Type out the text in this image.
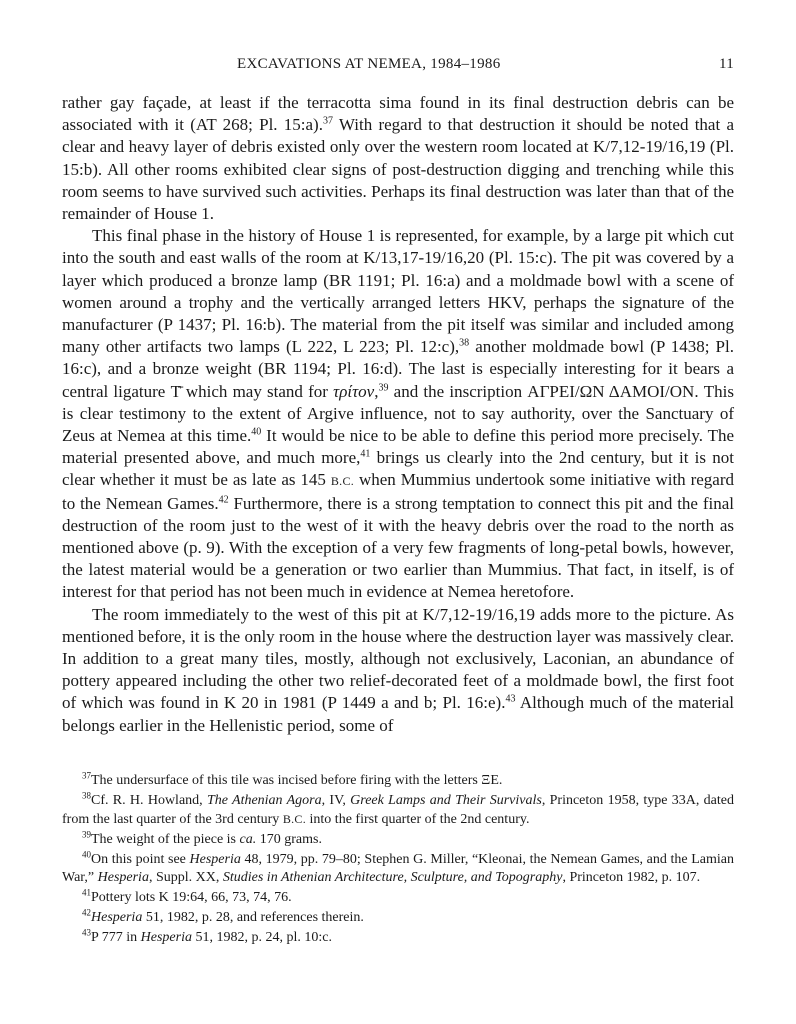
EXCAVATIONS AT NEMEA, 1984–1986	11

rather gay façade, at least if the terracotta sima found in its final destruction debris can be associated with it (AT 268; Pl. 15:a).$^{37}$ With regard to that destruction it should be noted that a clear and heavy layer of debris existed only over the western room located at K/7,12-19/16,19 (Pl. 15:b). All other rooms exhibited clear signs of post-destruction digging and trenching while this room seems to have survived such activities. Perhaps its final destruction was later than that of the remainder of House 1.

This final phase in the history of House 1 is represented, for example, by a large pit which cut into the south and east walls of the room at K/13,17-19/16,20 (Pl. 15:c). The pit was covered by a layer which produced a bronze lamp (BR 1191; Pl. 16:a) and a moldmade bowl with a scene of women around a trophy and the vertically arranged letters HKV, perhaps the signature of the manufacturer (P 1437; Pl. 16:b). The material from the pit itself was similar and included among many other artifacts two lamps (L 222, L 223; Pl. 12:c),$^{38}$ another moldmade bowl (P 1438; Pl. 16:c), and a bronze weight (BR 1194; Pl. 16:d). The last is especially interesting for it bears a central ligature Τ̄ which may stand for τρίτον,$^{39}$ and the inscription ΑΓΡΕΙ/ΩΝ ΔΑΜΟΙ/ΟΝ. This is clear testimony to the extent of Argive influence, not to say authority, over the Sanctuary of Zeus at Nemea at this time.$^{40}$ It would be nice to be able to define this period more precisely. The material presented above, and much more,$^{41}$ brings us clearly into the 2nd century, but it is not clear whether it must be as late as 145 B.C. when Mummius undertook some initiative with regard to the Nemean Games.$^{42}$ Furthermore, there is a strong temptation to connect this pit and the final destruction of the room just to the west of it with the heavy debris over the road to the north as mentioned above (p. 9). With the exception of a very few fragments of long-petal bowls, however, the latest material would be a generation or two earlier than Mummius. That fact, in itself, is of interest for that period has not been much in evidence at Nemea heretofore.

The room immediately to the west of this pit at K/7,12-19/16,19 adds more to the picture. As mentioned before, it is the only room in the house where the destruction layer was massively clear. In addition to a great many tiles, mostly, although not exclusively, Laconian, an abundance of pottery appeared including the other two relief-decorated feet of a moldmade bowl, the first foot of which was found in K 20 in 1981 (P 1449 a and b; Pl. 16:e).$^{43}$ Although much of the material belongs earlier in the Hellenistic period, some of

$^{37}$The undersurface of this tile was incised before firing with the letters ΞΕ.

$^{38}$Cf. R. H. Howland, The Athenian Agora, IV, Greek Lamps and Their Survivals, Princeton 1958, type 33A, dated from the last quarter of the 3rd century B.C. into the first quarter of the 2nd century.

$^{39}$The weight of the piece is ca. 170 grams.

$^{40}$On this point see Hesperia 48, 1979, pp. 79–80; Stephen G. Miller, “Kleonai, the Nemean Games, and the Lamian War,” Hesperia, Suppl. XX, Studies in Athenian Architecture, Sculpture, and Topography, Princeton 1982, p. 107.

$^{41}$Pottery lots K 19:64, 66, 73, 74, 76.

$^{42}$Hesperia 51, 1982, p. 28, and references therein.

$^{43}$P 777 in Hesperia 51, 1982, p. 24, pl. 10:c.
